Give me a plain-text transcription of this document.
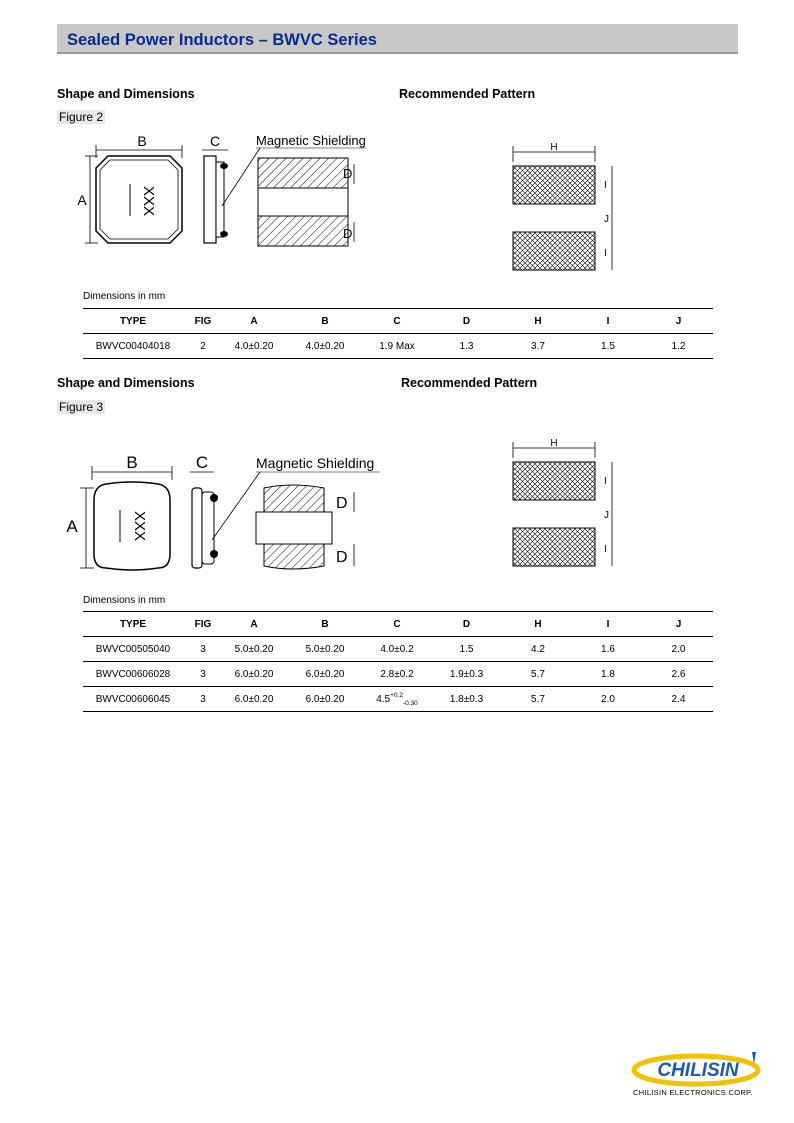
Sealed Power Inductors – BWVC Series
Shape and Dimensions	Recommended Pattern
Figure 2
B
A	XXX
C	Magnetic Shielding
D
D
H
I
J
I
Dimensions in mm
TYPE	FIG	A	B	C	D	H	I	J
BWVC00404018	2	4.0±0.20	4.0±0.20	1.9 Max	1.3	3.7	1.5	1.2
Shape and Dimensions	Recommended Pattern
Figure 3
B
A	XXX
C	Magnetic Shielding
D
D
H
I
J
I
Dimensions in mm
TYPE	FIG	A	B	C	D	H	I	J
BWVC00505040	3	5.0±0.20	5.0±0.20	4.0±0.2	1.5	4.2	1.6	2.0
BWVC00606028	3	6.0±0.20	6.0±0.20	2.8±0.2	1.9±0.3	5.7	1.8	2.6
BWVC00606045	3	6.0±0.20	6.0±0.20	$4.5^{+0.2}_{-0.30}$	1.8±0.3	5.7	2.0	2.4
CHILISIN
CHILISIN ELECTRONICS CORP.
